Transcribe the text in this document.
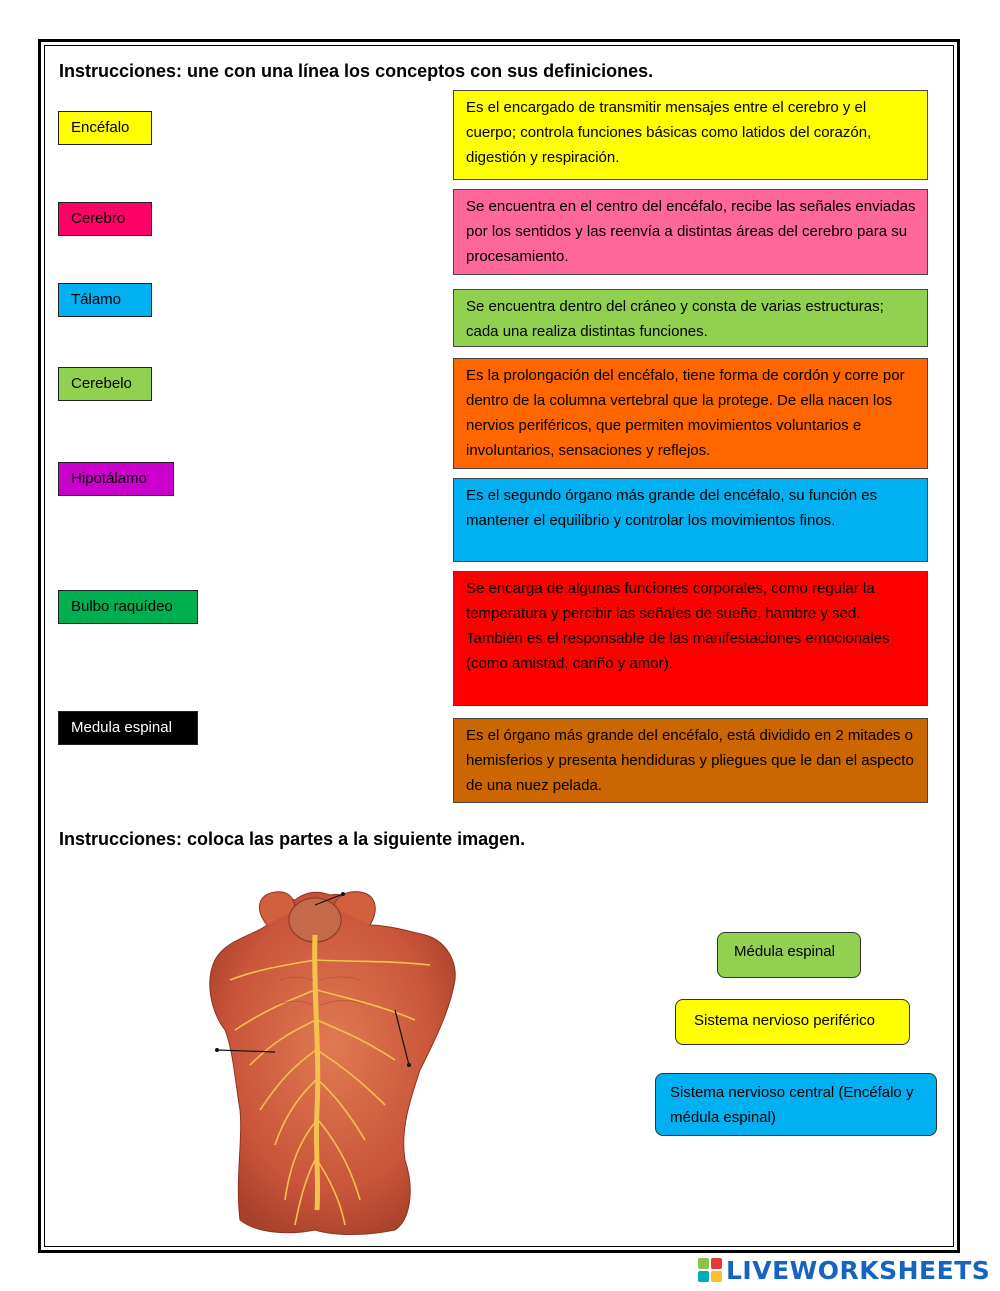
Instrucciones: une con una línea los conceptos con sus definiciones.
Encéfalo
Cerebro
Tálamo
Cerebelo
Hipotálamo
Bulbo raquídeo
Medula espinal
Es el encargado de transmitir mensajes entre el cerebro y el cuerpo; controla funciones básicas como latidos del corazón, digestión y respiración.
Se encuentra en el centro del encéfalo, recibe las señales enviadas por los sentidos y las reenvía a distintas áreas del cerebro para su procesamiento.
Se encuentra dentro del cráneo y consta de varias estructuras; cada una realiza distintas funciones.
Es la prolongación del encéfalo, tiene forma de cordón y corre por dentro de la columna vertebral que la protege. De ella nacen los nervios periféricos, que permiten movimientos voluntarios e involuntarios, sensaciones y reflejos.
Es el segundo órgano más grande del encéfalo, su función es mantener el equilibrio y controlar los movimientos finos.
Se encarga de algunas funciones corporales, como regular la temperatura y percibir las señales de sueño, hambre y sed. También es el responsable de las manifestaciones emocionales (como amistad, cariño y amor).
Es el órgano más grande del encéfalo, está dividido en 2 mitades o hemisferios y presenta hendiduras y pliegues que le dan el aspecto de una nuez pelada.
Instrucciones: coloca las partes a la siguiente imagen.
Médula espinal
Sistema nervioso periférico
Sistema nervioso central (Encéfalo y médula espinal)
LIVEWORKSHEETS
